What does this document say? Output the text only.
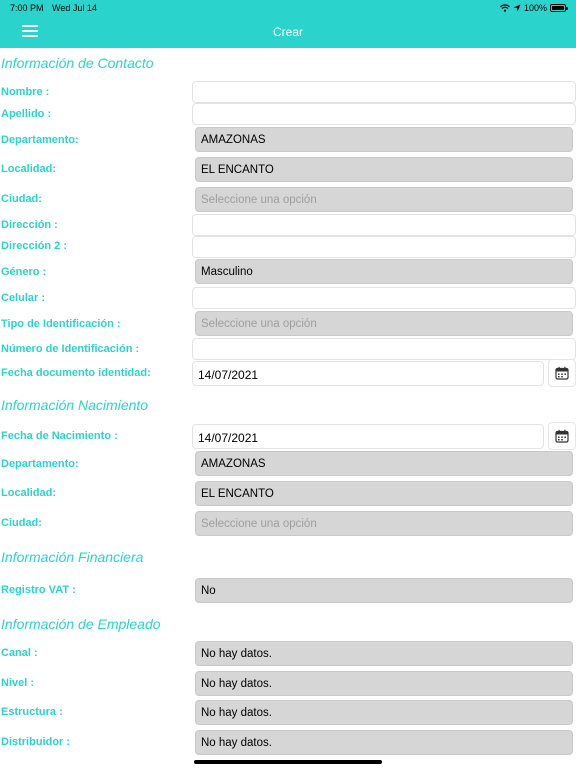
7:00 PM Wed Jul 14	100%
Crear
Información de Contacto
Nombre :
Apellido :
Departamento:	AMAZONAS
Localidad:	EL ENCANTO
Ciudad:	Seleccione una opción
Dirección :
Dirección 2 :
Género :	Masculino
Celular :
Tipo de Identificación :	Seleccione una opción
Número de Identificación :
Fecha documento identidad:	14/07/2021
Información Nacimiento
Fecha de Nacimiento :	14/07/2021
Departamento:	AMAZONAS
Localidad:	EL ENCANTO
Ciudad:	Seleccione una opción
Información Financiera
Registro VAT :	No
Información de Empleado
Canal :	No hay datos.
Nivel :	No hay datos.
Estructura :	No hay datos.
Distribuidor :	No hay datos.
